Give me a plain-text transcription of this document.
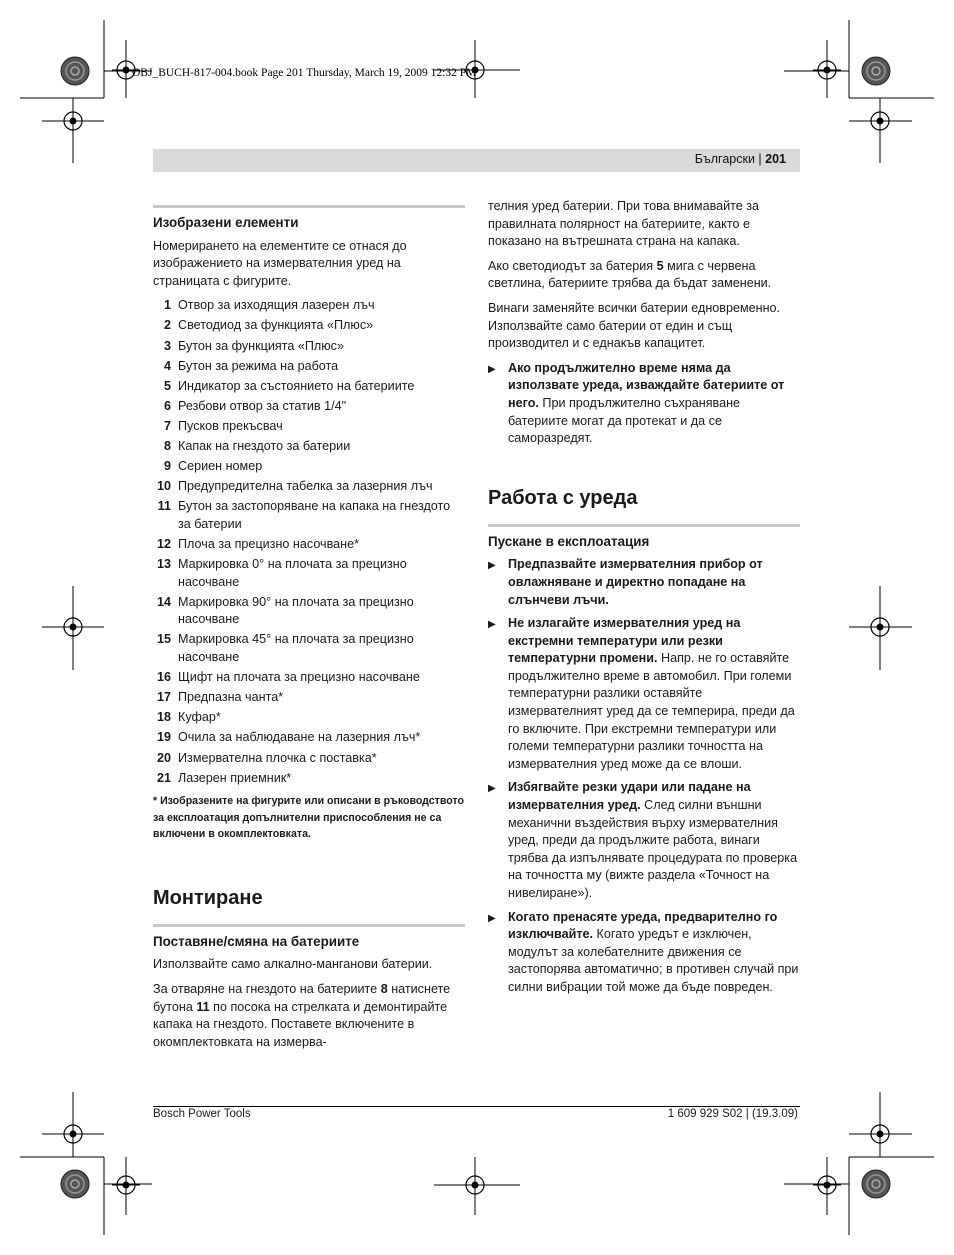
OBJ_BUCH-817-004.book Page 201 Thursday, March 19, 2009 12:32 PM
Български | 201
Изобразени елементи

Номерирането на елементите се отнася до изображението на измервателния уред на страницата с фигурите.

1 Отвор за изходящия лазерен лъч
2 Светодиод за функцията «Плюс»
3 Бутон за функцията «Плюс»
4 Бутон за режима на работа
5 Индикатор за състоянието на батериите
6 Резбови отвор за статив 1/4"
7 Пусков прекъсвач
8 Капак на гнездото за батерии
9 Сериен номер
10 Предупредителна табелка за лазерния лъч
11 Бутон за застопоряване на капака на гнездото за батерии
12 Плоча за прецизно насочване*
13 Маркировка 0° на плочата за прецизно насочване
14 Маркировка 90° на плочата за прецизно насочване
15 Маркировка 45° на плочата за прецизно насочване
16 Щифт на плочата за прецизно насочване
17 Предпазна чанта*
18 Куфар*
19 Очила за наблюдаване на лазерния лъч*
20 Измервателна плочка с поставка*
21 Лазерен приемник*

* Изобразените на фигурите или описани в ръководството за експлоатация допълнителни приспособления не са включени в окомплектовката.

Монтиране
Поставяне/смяна на батериите

Използвайте само алкално-манганови батерии.

За отваряне на гнездото на батериите 8 натиснете бутона 11 по посока на стрелката и демонтирайте капака на гнездото. Поставете включените в окомплектовката на измерва-

телния уред батерии. При това внимавайте за правилната полярност на батериите, както е показано на вътрешната страна на капака.

Ако светодиодът за батерия 5 мига с червена светлина, батериите трябва да бъдат заменени.

Винаги заменяйте всички батерии едновременно. Използвайте само батерии от един и същ производител и с еднакъв капацитет.

▶ Ако продължително време няма да използвате уреда, изваждайте батериите от него. При продължително съхраняване батериите могат да протекат и да се саморазредят.
Работа с уреда
Пускане в експлоатация
▶ Предпазвайте измервателния прибор от овлажняване и директно попадане на слънчеви лъчи.
▶ Не излагайте измервателния уред на екстремни температури или резки температурни промени. Напр. не го оставяйте продължително време в автомобил. При големи температурни разлики оставяйте измервателният уред да се темперира, преди да го включите. При екстремни температури или големи температурни разлики точността на измервателния уред може да се влоши.
▶ Избягвайте резки удари или падане на измервателния уред. След силни външни механични въздействия върху измервателния уред, преди да продължите работа, винаги трябва да изпълнявате процедурата по проверка на точността му (вижте раздела «Точност на нивелиране»).
▶ Когато пренасяте уреда, предварително го изключвайте. Когато уредът е изключен, модулът за колебателните движения се застопорява автоматично; в противен случай при силни вибрации той може да бъде повреден.
Bosch Power Tools	1 609 929 S02 | (19.3.09)
